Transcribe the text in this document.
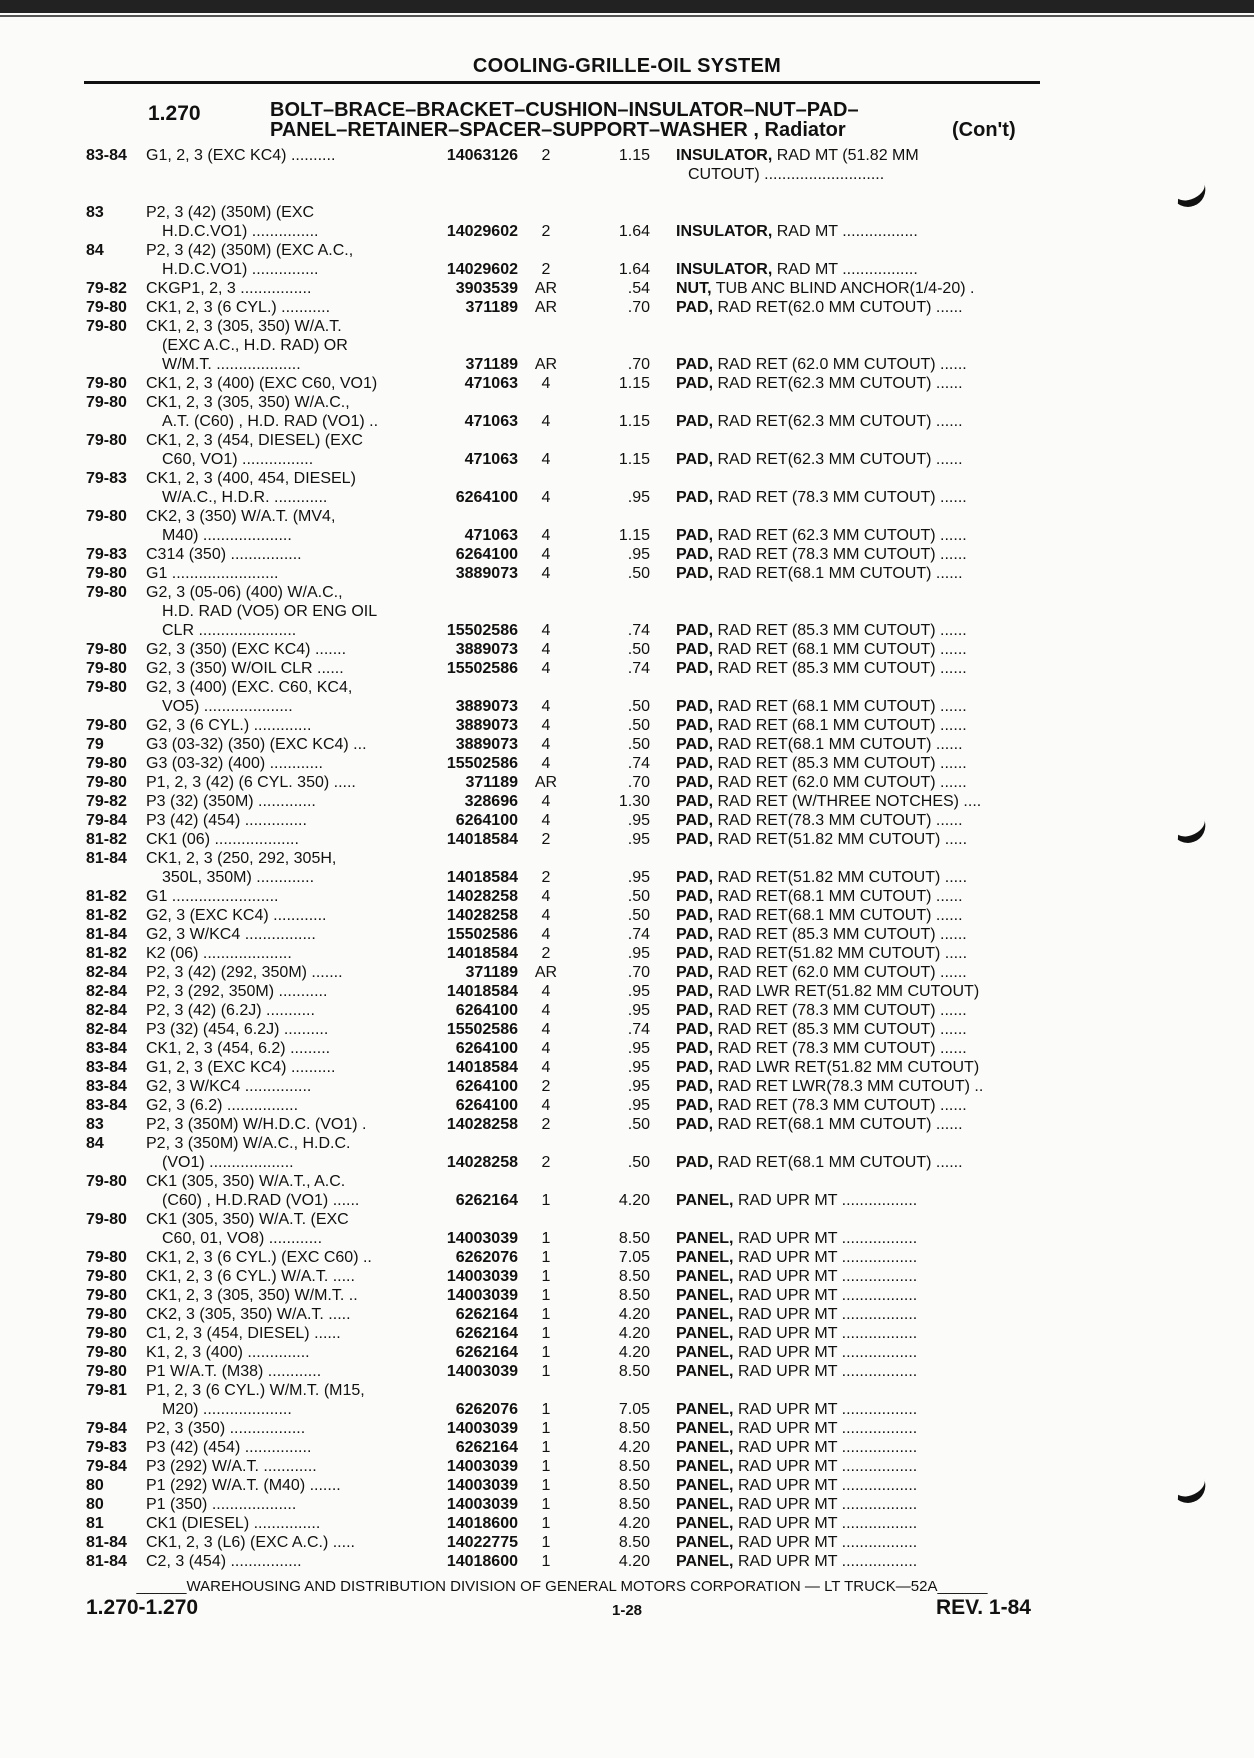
COOLING-GRILLE-OIL SYSTEM
1.270	BOLT–BRACE–BRACKET–CUSHION–INSULATOR–NUT–PAD–
PANEL–RETAINER–SPACER–SUPPORT–WASHER , Radiator	(Con't)
83-84 G1, 2, 3 (EXC KC4) ..........	14063126	2	1.15 INSULATOR, RAD MT (51.82 MM
CUTOUT) ...........................
83	P2, 3 (42) (350M) (EXC
H.D.C.VO1) ...............	14029602	2	1.64 INSULATOR, RAD MT .................
84	P2, 3 (42) (350M) (EXC A.C.,
H.D.C.VO1) ...............	14029602	2	1.64 INSULATOR, RAD MT .................
79-82 CKGP1, 2, 3 ................	3903539 AR	.54 NUT, TUB ANC BLIND ANCHOR(1/4-20) .
79-80 CK1, 2, 3 (6 CYL.) ...........	371189 AR	.70 PAD, RAD RET(62.0 MM CUTOUT) ......
79-80 CK1, 2, 3 (305, 350) W/A.T.
(EXC A.C., H.D. RAD) OR
W/M.T. ...................	371189 AR	.70 PAD, RAD RET (62.0 MM CUTOUT) ......
79-80 CK1, 2, 3 (400) (EXC C60, VO1)	471063	4	1.15 PAD, RAD RET(62.3 MM CUTOUT) ......
79-80 CK1, 2, 3 (305, 350) W/A.C.,
A.T. (C60) , H.D. RAD (VO1) ..	471063	4	1.15 PAD, RAD RET(62.3 MM CUTOUT) ......
79-80 CK1, 2, 3 (454, DIESEL) (EXC
C60, VO1) ................	471063	4	1.15 PAD, RAD RET(62.3 MM CUTOUT) ......
79-83 CK1, 2, 3 (400, 454, DIESEL)
W/A.C., H.D.R. ............	6264100	4	.95 PAD, RAD RET (78.3 MM CUTOUT) ......
79-80 CK2, 3 (350) W/A.T. (MV4,
M40) ....................	471063	4	1.15 PAD, RAD RET (62.3 MM CUTOUT) ......
79-83 C314 (350) ................	6264100	4	.95 PAD, RAD RET (78.3 MM CUTOUT) ......
79-80 G1 ........................	3889073	4	.50 PAD, RAD RET(68.1 MM CUTOUT) ......
79-80 G2, 3 (05-06) (400) W/A.C.,
H.D. RAD (VO5) OR ENG OIL
CLR ......................	15502586	4	.74 PAD, RAD RET (85.3 MM CUTOUT) ......
79-80 G2, 3 (350) (EXC KC4) .......	3889073	4	.50 PAD, RAD RET (68.1 MM CUTOUT) ......
79-80 G2, 3 (350) W/OIL CLR ......	15502586	4	.74 PAD, RAD RET (85.3 MM CUTOUT) ......
79-80 G2, 3 (400) (EXC. C60, KC4,
VO5) ....................	3889073	4	.50 PAD, RAD RET (68.1 MM CUTOUT) ......
79-80 G2, 3 (6 CYL.) .............	3889073	4	.50 PAD, RAD RET (68.1 MM CUTOUT) ......
79	G3 (03-32) (350) (EXC KC4) ...	3889073	4	.50 PAD, RAD RET(68.1 MM CUTOUT) ......
79-80 G3 (03-32) (400) ............	15502586	4	.74 PAD, RAD RET (85.3 MM CUTOUT) ......
79-80 P1, 2, 3 (42) (6 CYL. 350) .....	371189 AR	.70 PAD, RAD RET (62.0 MM CUTOUT) ......
79-82 P3 (32) (350M) .............	328696	4	1.30 PAD, RAD RET (W/THREE NOTCHES) ....
79-84 P3 (42) (454) ..............	6264100	4	.95 PAD, RAD RET(78.3 MM CUTOUT) ......
81-82 CK1 (06) ...................	14018584	2	.95 PAD, RAD RET(51.82 MM CUTOUT) .....
81-84 CK1, 2, 3 (250, 292, 305H,
350L, 350M) .............	14018584	2	.95 PAD, RAD RET(51.82 MM CUTOUT) .....
81-82 G1 ........................	14028258	4	.50 PAD, RAD RET(68.1 MM CUTOUT) ......
81-82 G2, 3 (EXC KC4) ............	14028258	4	.50 PAD, RAD RET(68.1 MM CUTOUT) ......
81-84 G2, 3 W/KC4 ................	15502586	4	.74 PAD, RAD RET (85.3 MM CUTOUT) ......
81-82 K2 (06) ....................	14018584	2	.95 PAD, RAD RET(51.82 MM CUTOUT) .....
82-84 P2, 3 (42) (292, 350M) .......	371189 AR	.70 PAD, RAD RET (62.0 MM CUTOUT) ......
82-84 P2, 3 (292, 350M) ...........	14018584	4	.95 PAD, RAD LWR RET(51.82 MM CUTOUT)
82-84 P2, 3 (42) (6.2J) ...........	6264100	4	.95 PAD, RAD RET (78.3 MM CUTOUT) ......
82-84 P3 (32) (454, 6.2J) ..........	15502586	4	.74 PAD, RAD RET (85.3 MM CUTOUT) ......
83-84 CK1, 2, 3 (454, 6.2) .........	6264100	4	.95 PAD, RAD RET (78.3 MM CUTOUT) ......
83-84 G1, 2, 3 (EXC KC4) ..........	14018584	4	.95 PAD, RAD LWR RET(51.82 MM CUTOUT)
83-84 G2, 3 W/KC4 ...............	6264100	2	.95 PAD, RAD RET LWR(78.3 MM CUTOUT) ..
83-84 G2, 3 (6.2) ................	6264100	4	.95 PAD, RAD RET (78.3 MM CUTOUT) ......
83	P2, 3 (350M) W/H.D.C. (VO1) .	14028258	2	.50 PAD, RAD RET(68.1 MM CUTOUT) ......
84	P2, 3 (350M) W/A.C., H.D.C.
(VO1) ...................	14028258	2	.50 PAD, RAD RET(68.1 MM CUTOUT) ......
79-80 CK1 (305, 350) W/A.T., A.C.
(C60) , H.D.RAD (VO1) ......	6262164	1	4.20 PANEL, RAD UPR MT .................
79-80 CK1 (305, 350) W/A.T. (EXC
C60, 01, VO8) ............	14003039	1	8.50 PANEL, RAD UPR MT .................
79-80 CK1, 2, 3 (6 CYL.) (EXC C60) ..	6262076	1	7.05 PANEL, RAD UPR MT .................
79-80 CK1, 2, 3 (6 CYL.) W/A.T. .....	14003039	1	8.50 PANEL, RAD UPR MT .................
79-80 CK1, 2, 3 (305, 350) W/M.T. ..	14003039	1	8.50 PANEL, RAD UPR MT .................
79-80 CK2, 3 (305, 350) W/A.T. .....	6262164	1	4.20 PANEL, RAD UPR MT .................
79-80 C1, 2, 3 (454, DIESEL) ......	6262164	1	4.20 PANEL, RAD UPR MT .................
79-80 K1, 2, 3 (400) ..............	6262164	1	4.20 PANEL, RAD UPR MT .................
79-80 P1 W/A.T. (M38) ............	14003039	1	8.50 PANEL, RAD UPR MT .................
79-81 P1, 2, 3 (6 CYL.) W/M.T. (M15,
M20) ....................	6262076	1	7.05 PANEL, RAD UPR MT .................
79-84 P2, 3 (350) .................	14003039	1	8.50 PANEL, RAD UPR MT .................
79-83 P3 (42) (454) ...............	6262164	1	4.20 PANEL, RAD UPR MT .................
79-84 P3 (292) W/A.T. ............	14003039	1	8.50 PANEL, RAD UPR MT .................
80	P1 (292) W/A.T. (M40) .......	14003039	1	8.50 PANEL, RAD UPR MT .................
80	P1 (350) ...................	14003039	1	8.50 PANEL, RAD UPR MT .................
81	CK1 (DIESEL) ...............	14018600	1	4.20 PANEL, RAD UPR MT .................
81-84 CK1, 2, 3 (L6) (EXC A.C.) .....	14022775	1	8.50 PANEL, RAD UPR MT .................
81-84 C2, 3 (454) ................	14018600	1	4.20 PANEL, RAD UPR MT .................
______WAREHOUSING AND DISTRIBUTION DIVISION OF GENERAL MOTORS CORPORATION — LT TRUCK—52A______
1.270-1.270	1-28	REV. 1-84
